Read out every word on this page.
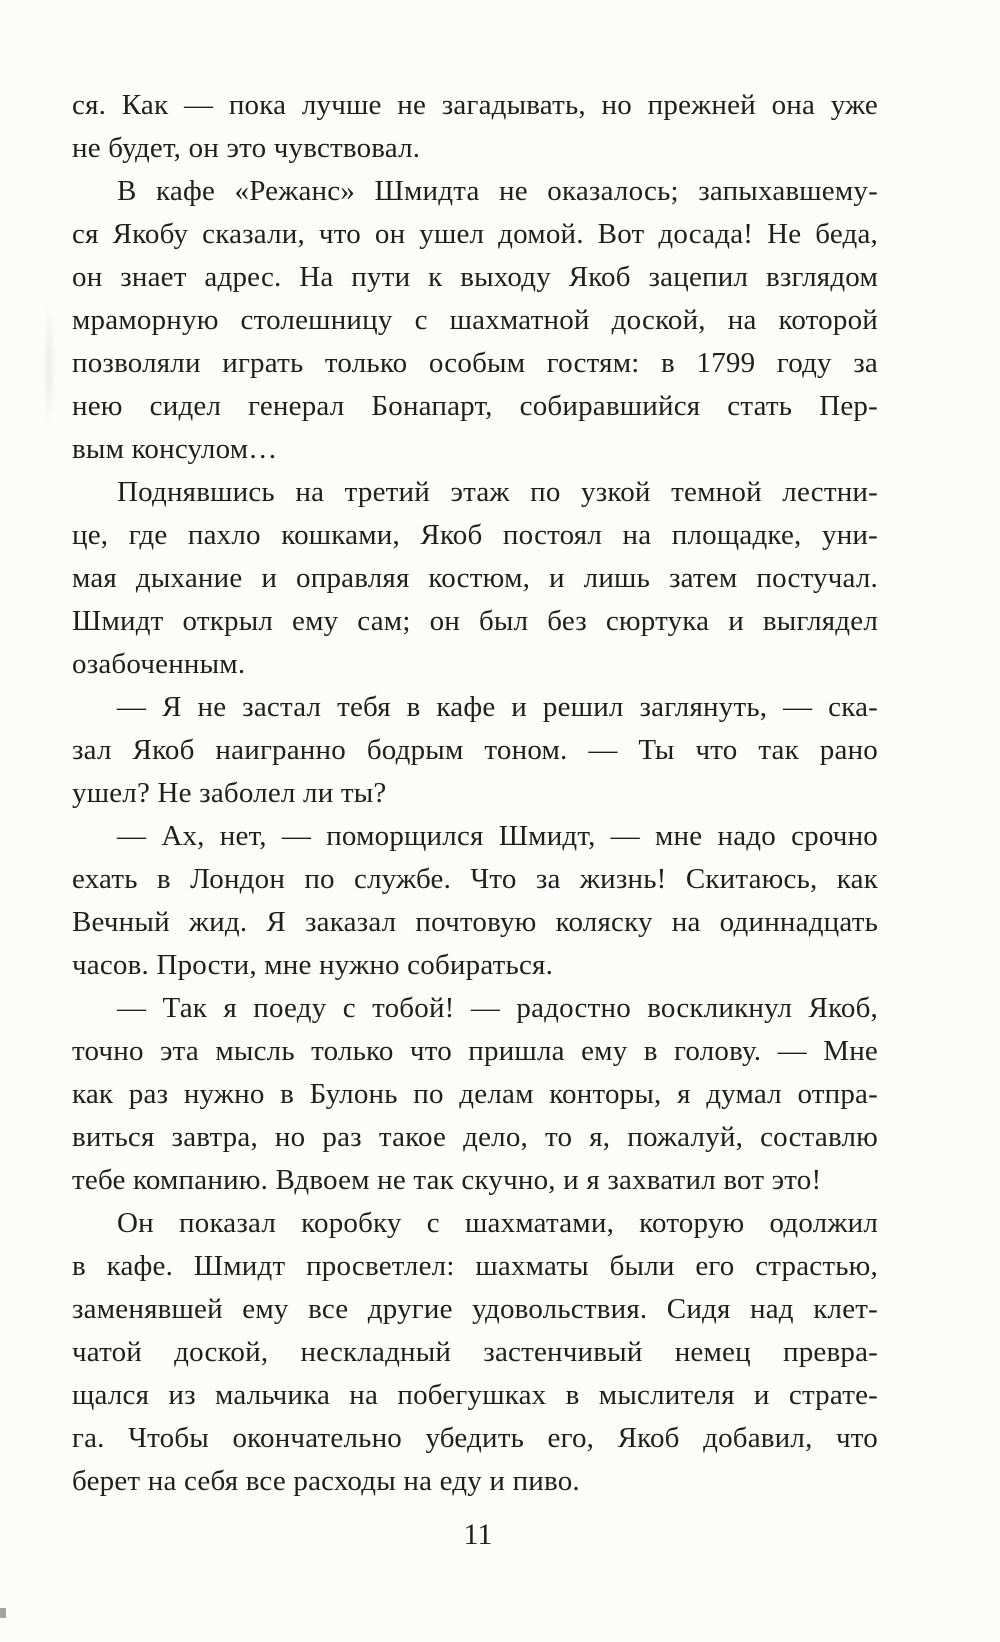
ся. Как — пока лучше не загадывать, но прежней она уже
не будет, он это чувствовал.
В кафе «Режанс» Шмидта не оказалось; запыхавшему-
ся Якобу сказали, что он ушел домой. Вот досада! Не беда,
он знает адрес. На пути к выходу Якоб зацепил взглядом
мраморную столешницу с шахматной доской, на которой
позволяли играть только особым гостям: в 1799 году за
нею сидел генерал Бонапарт, собиравшийся стать Пер-
вым консулом…
Поднявшись на третий этаж по узкой темной лестни-
це, где пахло кошками, Якоб постоял на площадке, уни-
мая дыхание и оправляя костюм, и лишь затем постучал.
Шмидт открыл ему сам; он был без сюртука и выглядел
озабоченным.
— Я не застал тебя в кафе и решил заглянуть, — ска-
зал Якоб наигранно бодрым тоном. — Ты что так рано
ушел? Не заболел ли ты?
— Ах, нет, — поморщился Шмидт, — мне надо срочно
ехать в Лондон по службе. Что за жизнь! Скитаюсь, как
Вечный жид. Я заказал почтовую коляску на одиннадцать
часов. Прости, мне нужно собираться.
— Так я поеду с тобой! — радостно воскликнул Якоб,
точно эта мысль только что пришла ему в голову. — Мне
как раз нужно в Булонь по делам конторы, я думал отпра-
виться завтра, но раз такое дело, то я, пожалуй, составлю
тебе компанию. Вдвоем не так скучно, и я захватил вот это!
Он показал коробку с шахматами, которую одолжил
в кафе. Шмидт просветлел: шахматы были его страстью,
заменявшей ему все другие удовольствия. Сидя над клет-
чатой доской, нескладный застенчивый немец превра-
щался из мальчика на побегушках в мыслителя и страте-
га. Чтобы окончательно убедить его, Якоб добавил, что
берет на себя все расходы на еду и пиво.
11
